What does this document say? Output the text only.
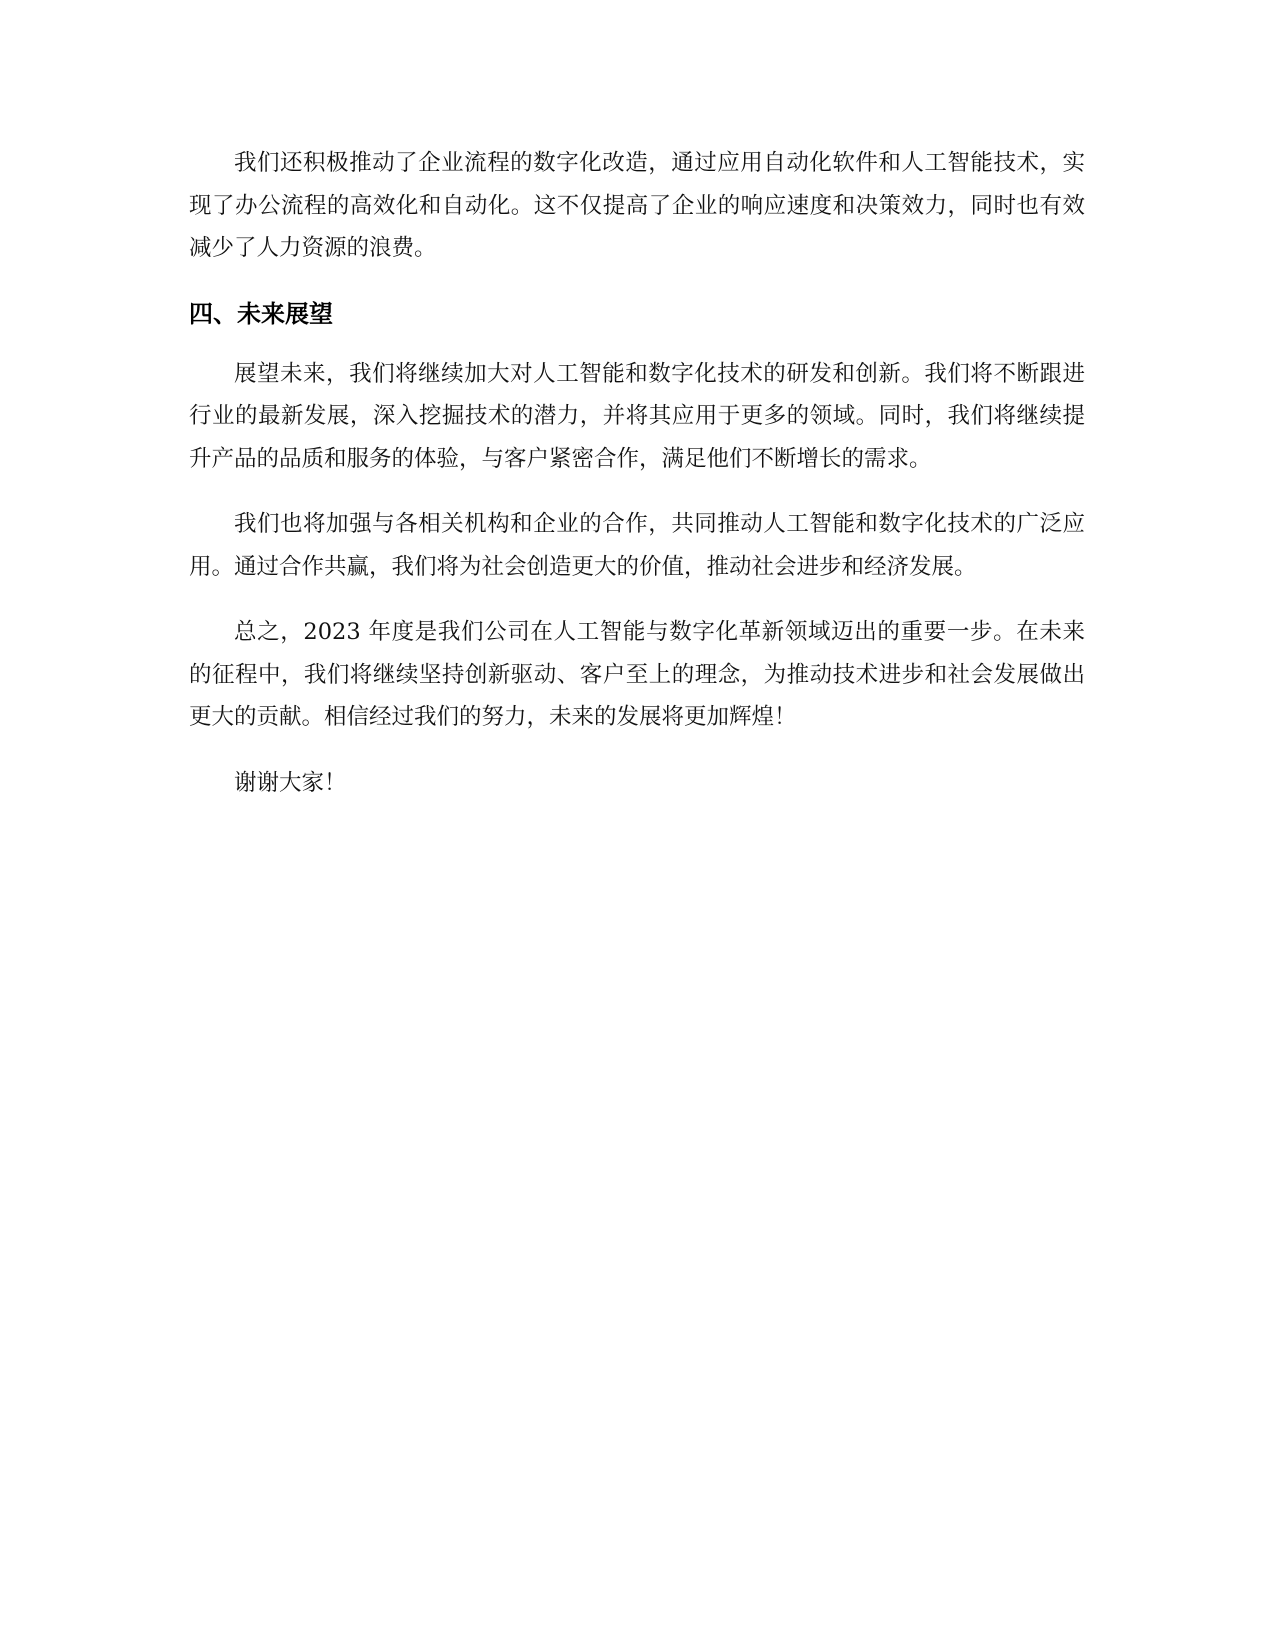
我们还积极推动了企业流程的数字化改造，通过应用自动化软件和人工智能技术，实现了办公流程的高效化和自动化。这不仅提高了企业的响应速度和决策效力，同时也有效减少了人力资源的浪费。

四、未来展望

展望未来，我们将继续加大对人工智能和数字化技术的研发和创新。我们将不断跟进行业的最新发展，深入挖掘技术的潜力，并将其应用于更多的领域。同时，我们将继续提升产品的品质和服务的体验，与客户紧密合作，满足他们不断增长的需求。

我们也将加强与各相关机构和企业的合作，共同推动人工智能和数字化技术的广泛应用。通过合作共赢，我们将为社会创造更大的价值，推动社会进步和经济发展。

总之，2023 年度是我们公司在人工智能与数字化革新领域迈出的重要一步。在未来的征程中，我们将继续坚持创新驱动、客户至上的理念，为推动技术进步和社会发展做出更大的贡献。相信经过我们的努力，未来的发展将更加辉煌！

谢谢大家！
